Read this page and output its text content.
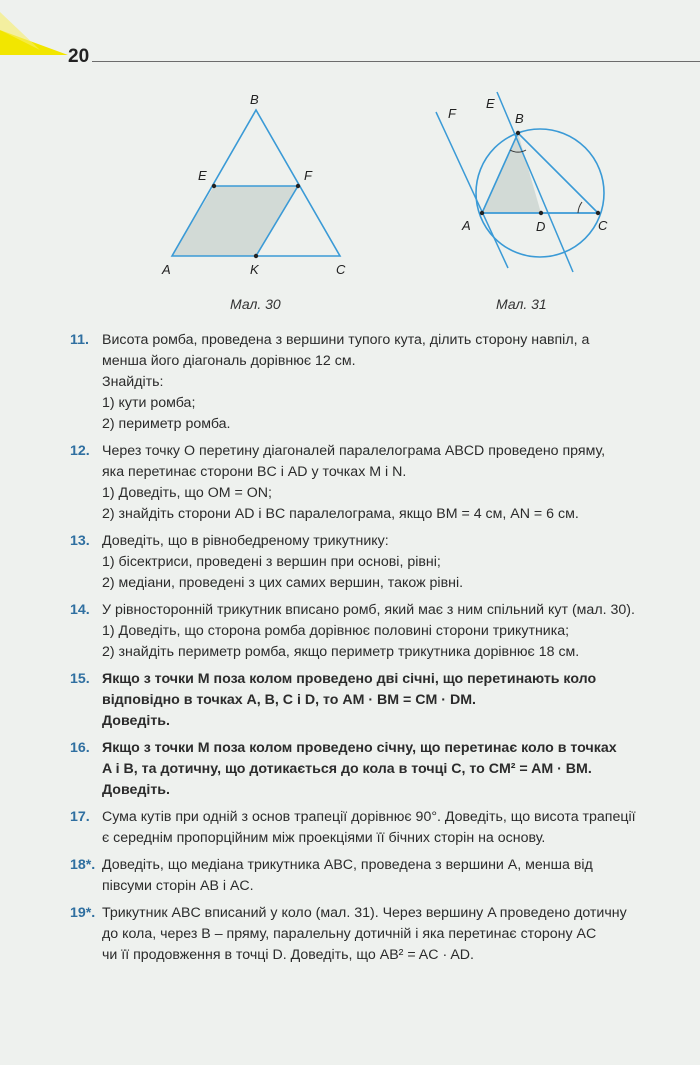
20
B
E	F
A	K	C
Мал. 30
F
E
B
A	D	C
Мал. 31
11. Висота ромба, проведена з вершини тупого кута, ділить сторону навпіл, а
менша його діагональ дорівнює 12 см.
Знайдіть:
1) кути ромба;
2) периметр ромба.
12. Через точку O перетину діагоналей паралелограма ABCD проведено пряму,
яка перетинає сторони BC і AD у точках M і N.
1) Доведіть, що OM = ON;
2) знайдіть сторони AD і BC паралелограма, якщо BM = 4 см, AN = 6 см.
13. Доведіть, що в рівнобедреному трикутнику:
1) бісектриси, проведені з вершин при основі, рівні;
2) медіани, проведені з цих самих вершин, також рівні.
14. У рівносторонній трикутник вписано ромб, який має з ним спільний кут (мал. 30).
1) Доведіть, що сторона ромба дорівнює половині сторони трикутника;
2) знайдіть периметр ромба, якщо периметр трикутника дорівнює 18 см.
15. Якщо з точки M поза колом проведено дві січні, що перетинають коло
відповідно в точках A, B, C і D, то AM · BM = CM · DM.
Доведіть.
16. Якщо з точки M поза колом проведено січну, що перетинає коло в точках
A і B, та дотичну, що дотикається до кола в точці C, то CM² = AM · BM.
Доведіть.
17. Сума кутів при одній з основ трапеції дорівнює 90°. Доведіть, що висота трапеції
є середнім пропорційним між проекціями її бічних сторін на основу.
18*. Доведіть, що медіана трикутника ABC, проведена з вершини A, менша від
півсуми сторін AB і AC.
19*. Трикутник ABC вписаний у коло (мал. 31). Через вершину A проведено дотичну
до кола, через B – пряму, паралельну дотичній і яка перетинає сторону AC
чи її продовження в точці D. Доведіть, що AB² = AC · AD.
